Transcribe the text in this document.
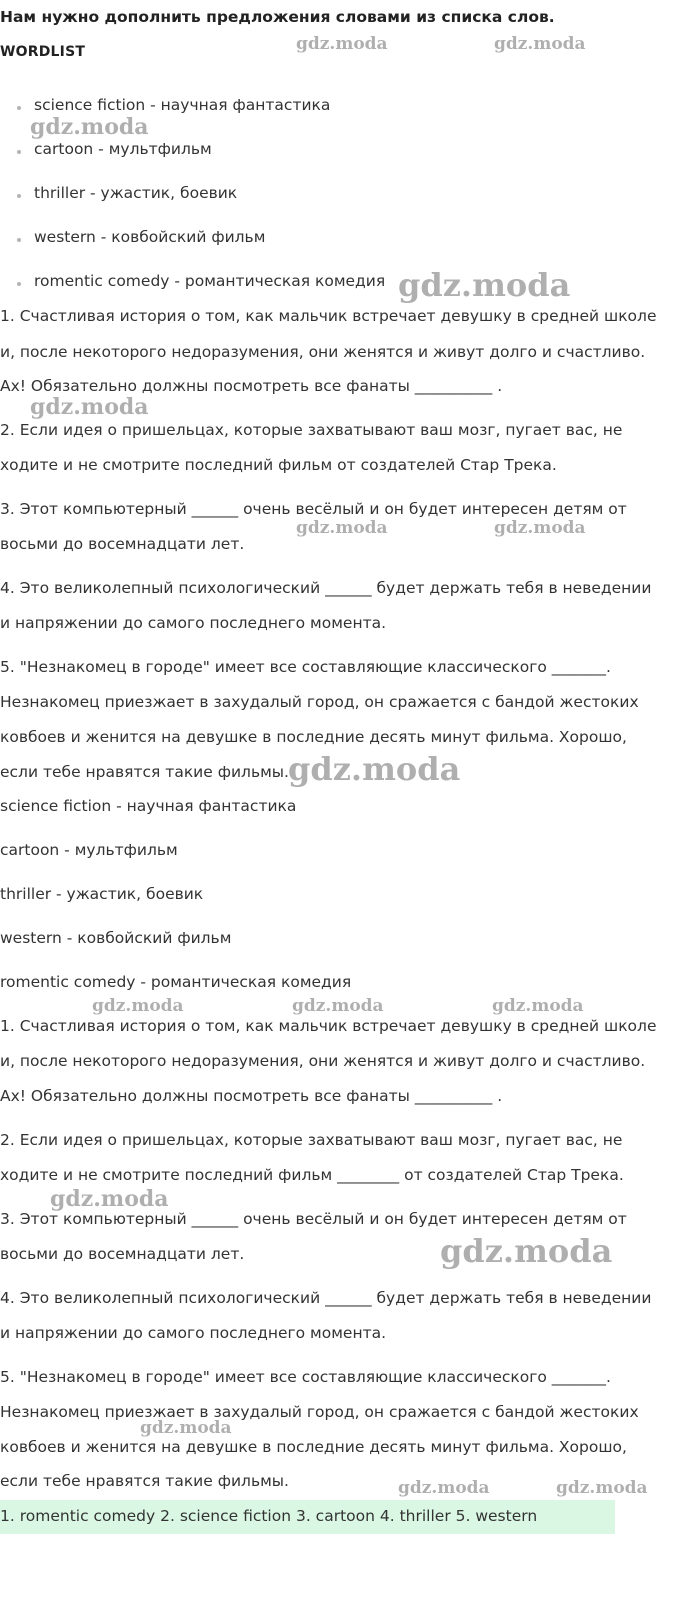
Нам нужно дополнить предложения словами из списка слов.
WORDLIST
science fiction - научная фантастика
cartoon - мультфильм
thriller - ужастик, боевик
western - ковбойский фильм
romentic comedy - романтическая комедия
1. Счастливая история о том, как мальчик встречает девушку в средней школе
и, после некоторого недоразумения, они женятся и живут долго и счастливо.
Ах! Обязательно должны посмотреть все фанаты __________ .
2. Если идея о пришельцах, которые захватывают ваш мозг, пугает вас, не
ходите и не смотрите последний фильм от создателей Стар Трека.
3. Этот компьютерный ______ очень весёлый и он будет интересен детям от
восьми до восемнадцати лет.
4. Это великолепный психологический ______ будет держать тебя в неведении
и напряжении до самого последнего момента.
5. "Незнакомец в городе" имеет все составляющие классического _______.
Незнакомец приезжает в захудалый город, он сражается с бандой жестоких
ковбоев и женится на девушке в последние десять минут фильма. Хорошо,
если тебе нравятся такие фильмы.
science fiction - научная фантастика
cartoon - мультфильм
thriller - ужастик, боевик
western - ковбойский фильм
romentic comedy - романтическая комедия
1. Счастливая история о том, как мальчик встречает девушку в средней школе
и, после некоторого недоразумения, они женятся и живут долго и счастливо.
Ах! Обязательно должны посмотреть все фанаты __________ .
2. Если идея о пришельцах, которые захватывают ваш мозг, пугает вас, не
ходите и не смотрите последний фильм ________ от создателей Стар Трека.
3. Этот компьютерный ______ очень весёлый и он будет интересен детям от
восьми до восемнадцати лет.
4. Это великолепный психологический ______ будет держать тебя в неведении
и напряжении до самого последнего момента.
5. "Незнакомец в городе" имеет все составляющие классического _______.
Незнакомец приезжает в захудалый город, он сражается с бандой жестоких
ковбоев и женится на девушке в последние десять минут фильма. Хорошо,
если тебе нравятся такие фильмы.
1. romentic comedy 2. science fiction 3. cartoon 4. thriller 5. western
gdz.moda	gdz.moda
gdz.moda
gdz.moda
gdz.moda
gdz.moda	gdz.moda
gdz.moda
gdz.moda	gdz.moda	gdz.moda
gdz.moda
gdz.moda
gdz.moda
gdz.moda	gdz.moda
